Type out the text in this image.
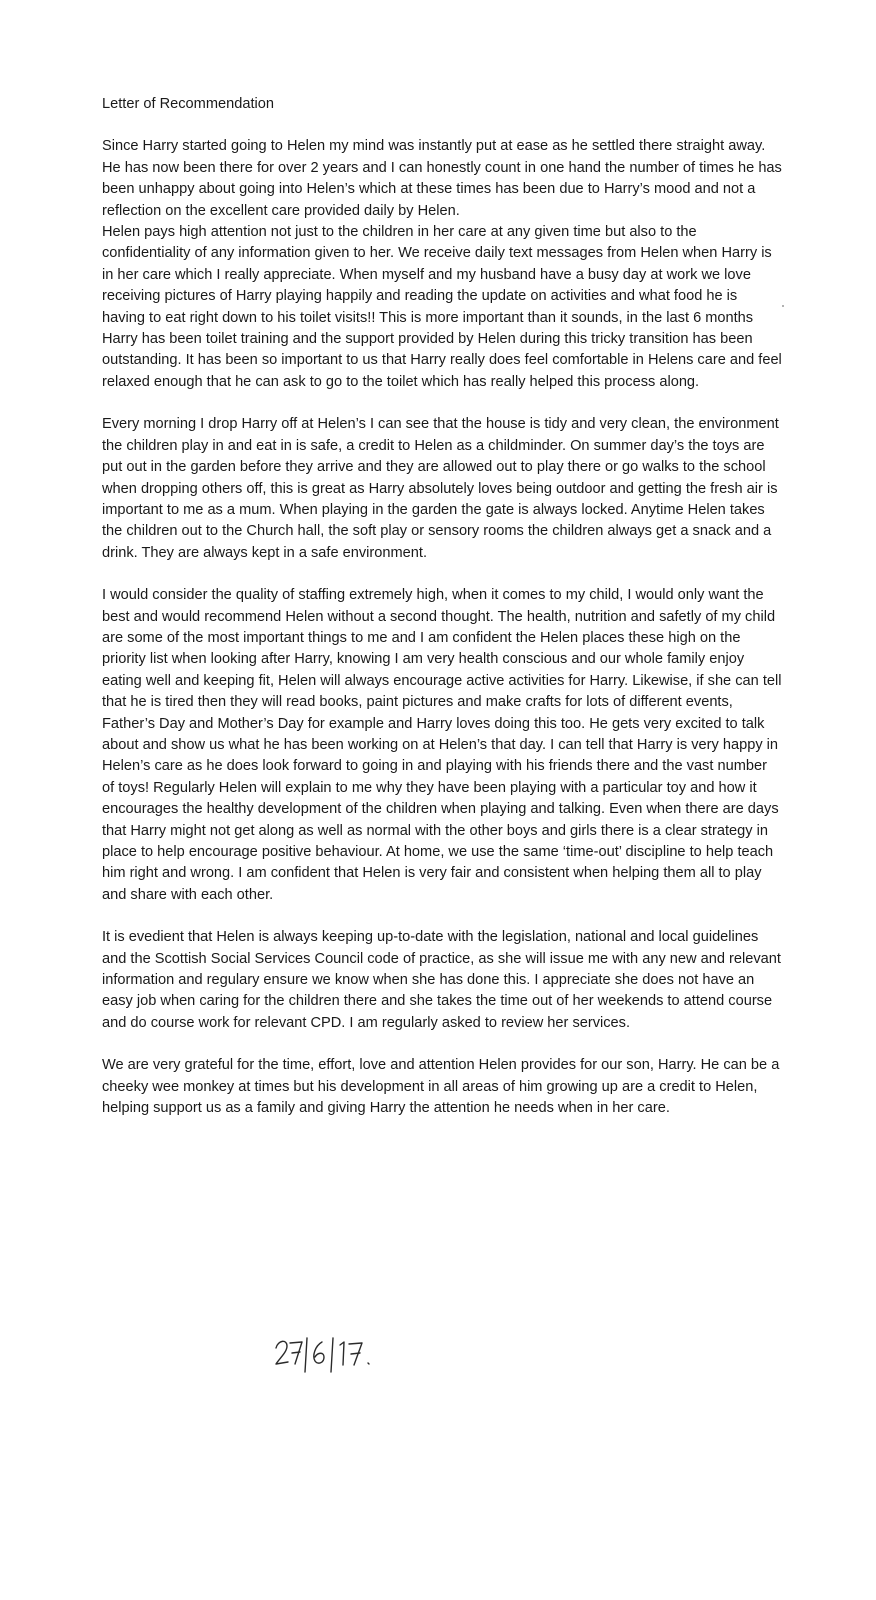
Letter of Recommendation

Since Harry started going to Helen my mind was instantly put at ease as he settled there straight away. He has now been there for over 2 years and I can honestly count in one hand the number of times he has been unhappy about going into Helen’s which at these times has been due to Harry’s mood and not a reflection on the excellent care provided daily by Helen.

Helen pays high attention not just to the children in her care at any given time but also to the confidentiality of any information given to her. We receive daily text messages from Helen when Harry is in her care which I really appreciate. When myself and my husband have a busy day at work we love receiving pictures of Harry playing happily and reading the update on activities and what food he is having to eat right down to his toilet visits!! This is more important than it sounds, in the last 6 months Harry has been toilet training and the support provided by Helen during this tricky transition has been outstanding. It has been so important to us that Harry really does feel comfortable in Helens care and feel relaxed enough that he can ask to go to the toilet which has really helped this process along.

Every morning I drop Harry off at Helen’s I can see that the house is tidy and very clean, the environment the children play in and eat in is safe, a credit to Helen as a childminder. On summer day’s the toys are put out in the garden before they arrive and they are allowed out to play there or go walks to the school when dropping others off, this is great as Harry absolutely loves being outdoor and getting the fresh air is important to me as a mum. When playing in the garden the gate is always locked. Anytime Helen takes the children out to the Church hall, the soft play or sensory rooms the children always get a snack and a drink. They are always kept in a safe environment.

I would consider the quality of staffing extremely high, when it comes to my child, I would only want the best and would recommend Helen without a second thought. The health, nutrition and safetly of my child are some of the most important things to me and I am confident the Helen places these high on the priority list when looking after Harry, knowing I am very health conscious and our whole family enjoy eating well and keeping fit, Helen will always encourage active activities for Harry. Likewise, if she can tell that he is tired then they will read books, paint pictures and make crafts for lots of different events, Father’s Day and Mother’s Day for example and Harry loves doing this too. He gets very excited to talk about and show us what he has been working on at Helen’s that day. I can tell that Harry is very happy in Helen’s care as he does look forward to going in and playing with his friends there and the vast number of toys! Regularly Helen will explain to me why they have been playing with a particular toy and how it encourages the healthy development of the children when playing and talking. Even when there are days that Harry might not get along as well as normal with the other boys and girls there is a clear strategy in place to help encourage positive behaviour. At home, we use the same ‘time-out’ discipline to help teach him right and wrong. I am confident that Helen is very fair and consistent when helping them all to play and share with each other.

It is evedient that Helen is always keeping up-to-date with the legislation, national and local guidelines and the Scottish Social Services Council code of practice, as she will issue me with any new and relevant information and regulary ensure we know when she has done this. I appreciate she does not have an easy job when caring for the children there and she takes the time out of her weekends to attend course and do course work for relevant CPD. I am regularly asked to review her services.

We are very grateful for the time, effort, love and attention Helen provides for our son, Harry. He can be a cheeky wee monkey at times but his development in all areas of him growing up are a credit to Helen, helping support us as a family and giving Harry the attention he needs when in her care.
